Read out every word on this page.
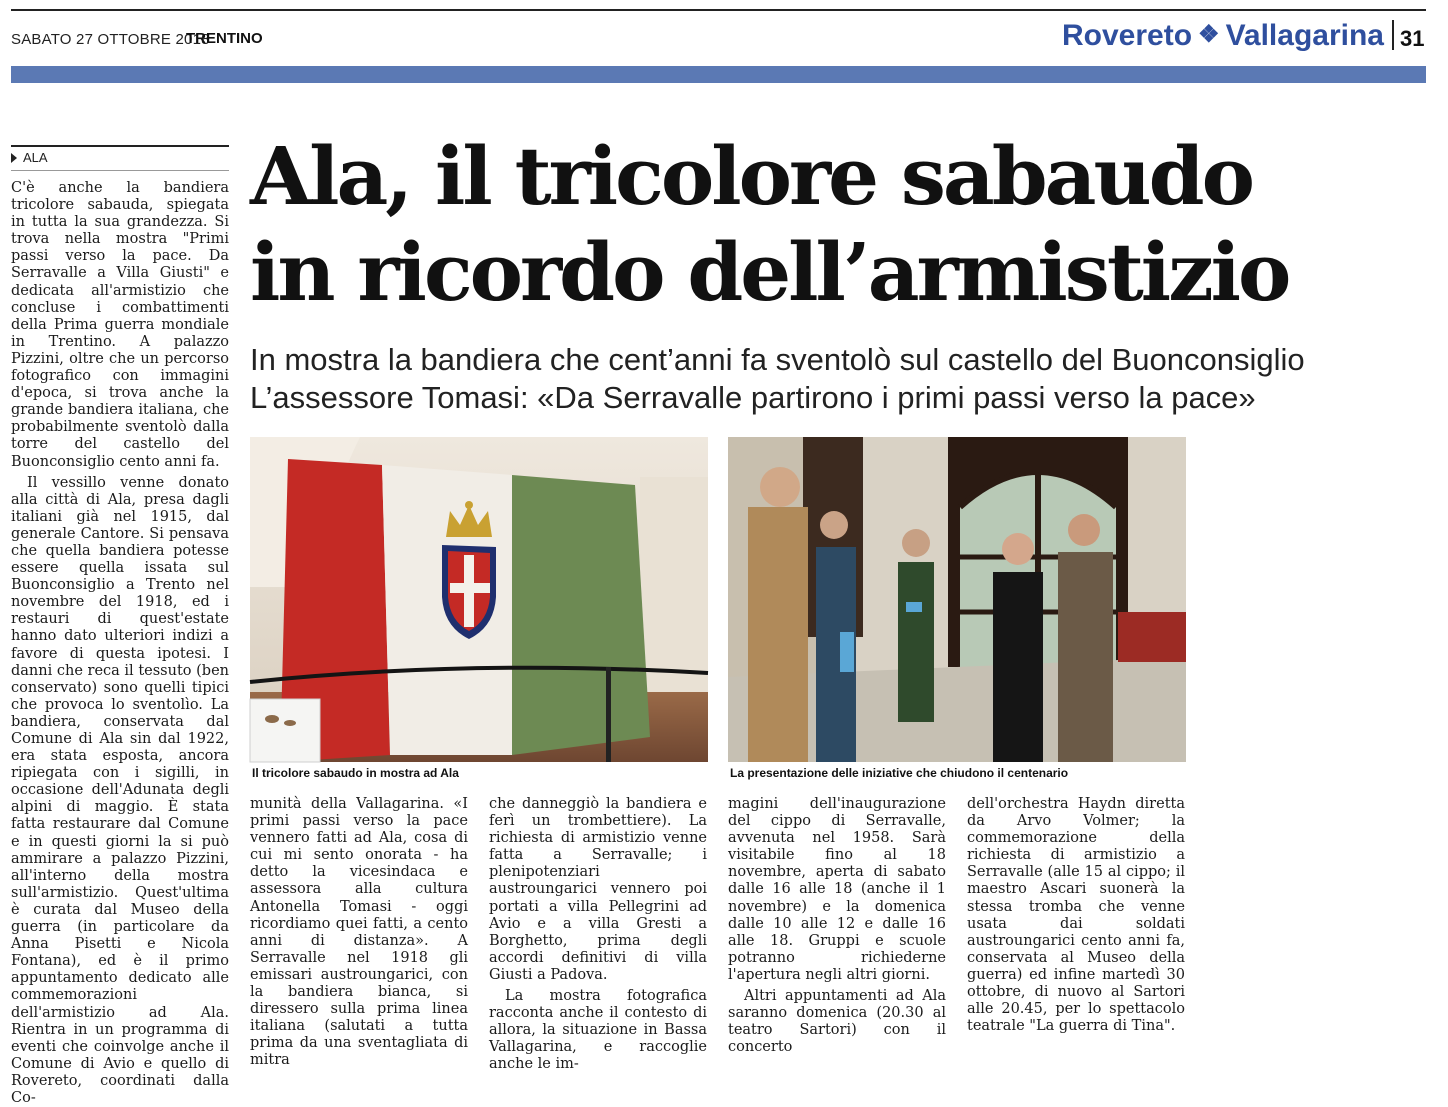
SABATO 27 OTTOBRE 2018
TRENTINO	Rovereto ❖ Vallagarina 31
ALA	Ala, il tricolore sabaudo
in ricordo dell’armistizio
In mostra la bandiera che cent’anni fa sventolò sul castello del Buonconsiglio
L’assessore Tomasi: «Da Serravalle partirono i primi passi verso la pace»
Il tricolore sabaudo in mostra ad Ala	La presentazione delle iniziative che chiudono il centenario

C'è anche la bandiera tricolore sabauda, spiegata in tutta la sua grandezza. Si trova nella mostra "Primi passi verso la pace. Da Serravalle a Villa Giusti" e dedicata all'armistizio che concluse i combattimenti della Prima guerra mondiale in Trentino. A palazzo Pizzini, oltre che un percorso fotografico con immagini d'epoca, si trova anche la grande bandiera italiana, che probabilmente sventolò dalla torre del castello del Buonconsiglio cento anni fa.

Il vessillo venne donato alla città di Ala, presa dagli italiani già nel 1915, dal generale Cantore. Si pensava che quella bandiera potesse essere quella issata sul Buonconsiglio a Trento nel novembre del 1918, ed i restauri di quest'estate hanno dato ulteriori indizi a favore di questa ipotesi. I danni che reca il tessuto (ben conservato) sono quelli tipici che provoca lo sventolìo. La bandiera, conservata dal Comune di Ala sin dal 1922, era stata esposta, ancora ripiegata con i sigilli, in occasione dell'Adunata degli alpini di maggio. È stata fatta restaurare dal Comune e in questi giorni la si può ammirare a palazzo Pizzini, all'interno della mostra sull'armistizio. Quest'ultima è curata dal Museo della guerra (in particolare da Anna Pisetti e Nicola Fontana), ed è il primo appuntamento dedicato alle commemorazioni dell'armistizio ad Ala. Rientra in un programma di eventi che coinvolge anche il Comune di Avio e quello di Rovereto, coordinati dalla Co-

munità della Vallagarina. «I primi passi verso la pace vennero fatti ad Ala, cosa di cui mi sento onorata - ha detto la vicesindaca e assessora alla cultura Antonella Tomasi - oggi ricordiamo quei fatti, a cento anni di distanza». A Serravalle nel 1918 gli emissari austroungarici, con la bandiera bianca, si diressero sulla prima linea italiana (salutati a tutta prima da una sventagliata di mitra

che danneggiò la bandiera e ferì un trombettiere). La richiesta di armistizio venne fatta a Serravalle; i plenipotenziari austroungarici vennero poi portati a villa Pellegrini ad Avio e a villa Gresti a Borghetto, prima degli accordi definitivi di villa Giusti a Padova.

La mostra fotografica racconta anche il contesto di allora, la situazione in Bassa Vallagarina, e raccoglie anche le im-

magini dell'inaugurazione del cippo di Serravalle, avvenuta nel 1958. Sarà visitabile fino al 18 novembre, aperta di sabato dalle 16 alle 18 (anche il 1 novembre) e la domenica dalle 10 alle 12 e dalle 16 alle 18. Gruppi e scuole potranno richiederne l'apertura negli altri giorni.

Altri appuntamenti ad Ala saranno domenica (20.30 al teatro Sartori) con il concerto

dell'orchestra Haydn diretta da Arvo Volmer; la commemorazione della richiesta di armistizio a Serravalle (alle 15 al cippo; il maestro Ascari suonerà la stessa tromba che venne usata dai soldati austroungarici cento anni fa, conservata al Museo della guerra) ed infine martedì 30 ottobre, di nuovo al Sartori alle 20.45, per lo spettacolo teatrale "La guerra di Tina".
